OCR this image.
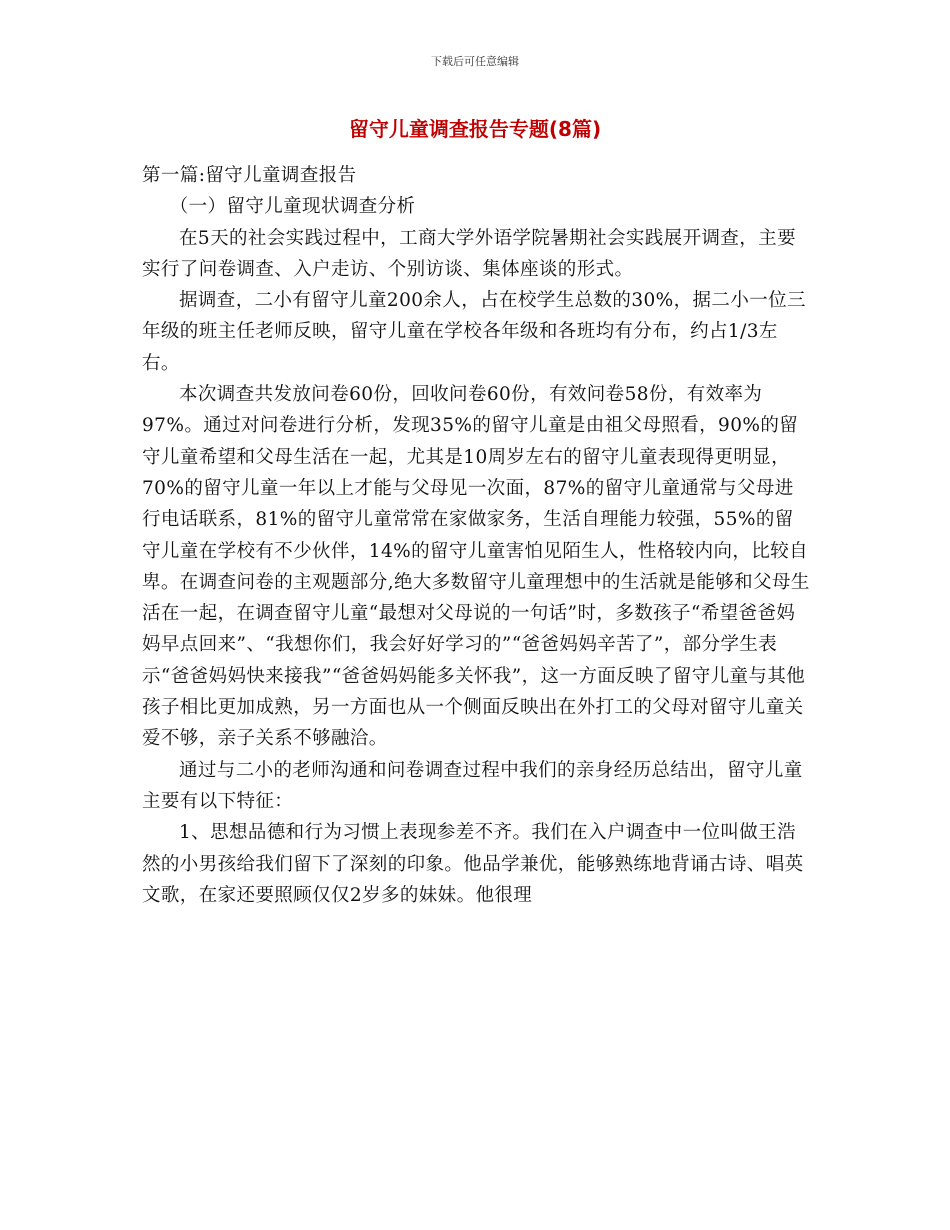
下载后可任意编辑
留守儿童调查报告专题(8篇)

第一篇:留守儿童调查报告

（一）留守儿童现状调查分析

在5天的社会实践过程中，工商大学外语学院暑期社会实践展开调查，主要实行了问卷调查、入户走访、个别访谈、集体座谈的形式。

据调查，二小有留守儿童200余人，占在校学生总数的30%，据二小一位三年级的班主任老师反映，留守儿童在学校各年级和各班均有分布，约占1/3左右。

本次调查共发放问卷60份，回收问卷60份，有效问卷58份，有效率为97%。通过对问卷进行分析，发现35%的留守儿童是由祖父母照看，90%的留守儿童希望和父母生活在一起，尤其是10周岁左右的留守儿童表现得更明显，70%的留守儿童一年以上才能与父母见一次面，87%的留守儿童通常与父母进行电话联系，81%的留守儿童常常在家做家务，生活自理能力较强，55%的留守儿童在学校有不少伙伴，14%的留守儿童害怕见陌生人，性格较内向，比较自卑。在调查问卷的主观题部分,绝大多数留守儿童理想中的生活就是能够和父母生活在一起，在调查留守儿童“最想对父母说的一句话”时，多数孩子“希望爸爸妈妈早点回来”、“我想你们，我会好好学习的”“爸爸妈妈辛苦了”，部分学生表示“爸爸妈妈快来接我”“爸爸妈妈能多关怀我”，这一方面反映了留守儿童与其他孩子相比更加成熟，另一方面也从一个侧面反映出在外打工的父母对留守儿童关爱不够，亲子关系不够融洽。

通过与二小的老师沟通和问卷调查过程中我们的亲身经历总结出，留守儿童主要有以下特征：

1、思想品德和行为习惯上表现参差不齐。我们在入户调查中一位叫做王浩然的小男孩给我们留下了深刻的印象。他品学兼优，能够熟练地背诵古诗、唱英文歌，在家还要照顾仅仅2岁多的妹妹。他很理
